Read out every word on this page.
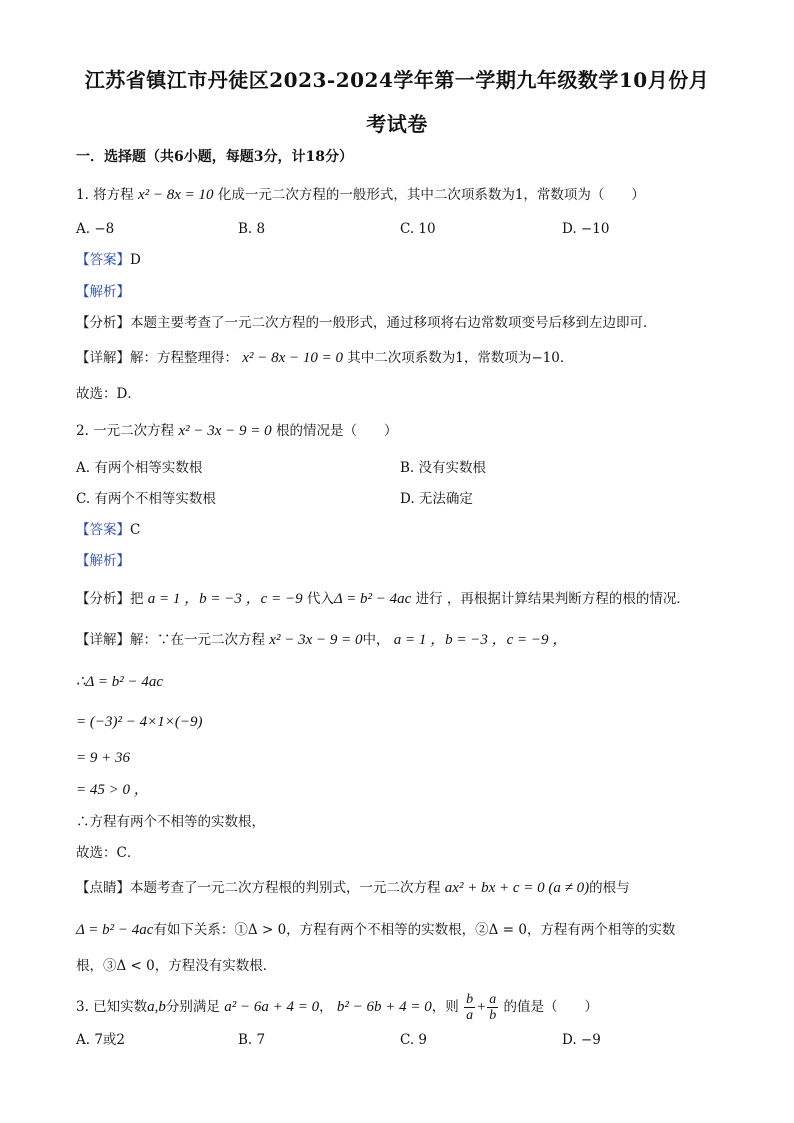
江苏省镇江市丹徒区2023-2024学年第一学期九年级数学10月份月
考试卷
一．选择题（共6小题，每题3分，计18分）
1. 将方程 x² − 8x = 10 化成一元二次方程的一般形式，其中二次项系数为1，常数项为（　　）
A. −8	B. 8	C. 10	D. −10
【答案】D
【解析】
【分析】本题主要考查了一元二次方程的一般形式，通过移项将右边常数项变号后移到左边即可．
【详解】解：方程整理得： x² − 8x − 10 = 0 其中二次项系数为1，常数项为−10．
故选：D．
2. 一元二次方程 x² − 3x − 9 = 0 根的情况是（　　）
A. 有两个相等实数根	B. 没有实数根
C. 有两个不相等实数根	D. 无法确定
【答案】C
【解析】
【分析】把 a = 1 ，b = −3 ，c = −9 代入Δ = b² − 4ac 进行 ，再根据计算结果判断方程的根的情况．
【详解】解：∵在一元二次方程 x² − 3x − 9 = 0中， a = 1 ，b = −3 ，c = −9 ，
∴Δ = b² − 4ac
= (−3)² − 4×1×(−9)
= 9 + 36
= 45 > 0 ，
∴方程有两个不相等的实数根，
故选：C．
【点睛】本题考查了一元二次方程根的判别式，一元二次方程 ax² + bx + c = 0 (a ≠ 0)的根与
Δ = b² − 4ac有如下关系：①Δ > 0，方程有两个不相等的实数根，②Δ = 0，方程有两个相等的实数
根，③Δ < 0，方程没有实数根．
3. 已知实数a,b分别满足 a² − 6a + 4 = 0， b² − 6b + 4 = 0，则 $\frac{b}{a} + \frac{a}{b}$ 的值是（　　）
A. 7或2	B. 7	C. 9	D. −9
